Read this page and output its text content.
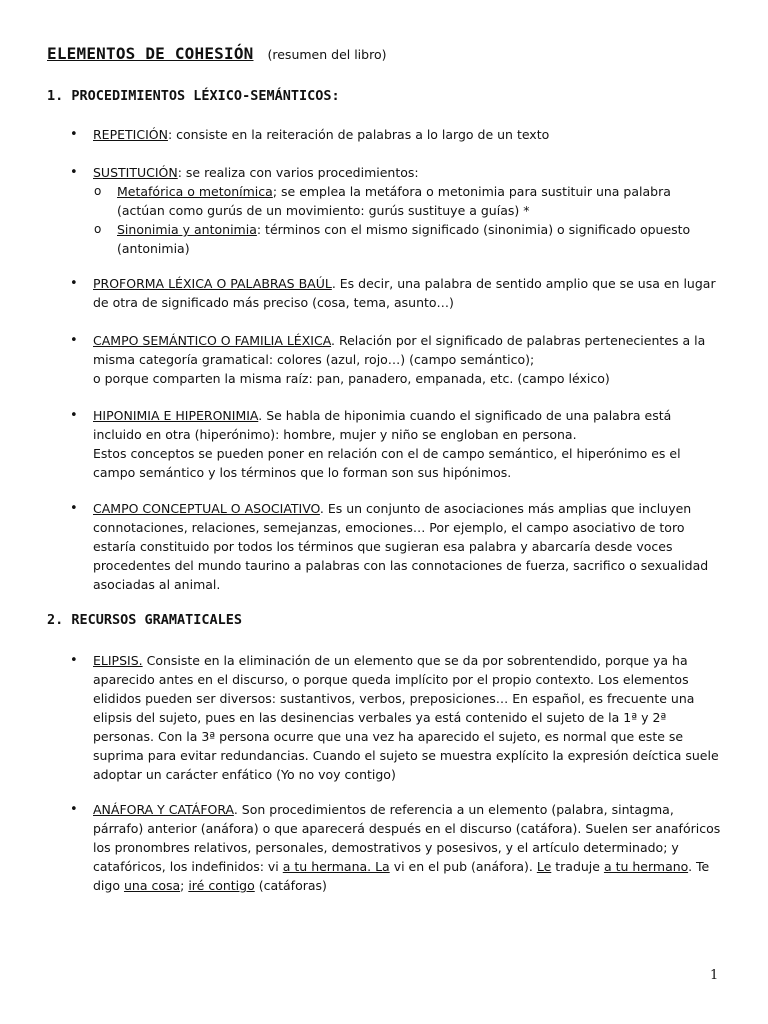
ELEMENTOS DE COHESIÓN (resumen del libro)
1. PROCEDIMIENTOS LÉXICO-SEMÁNTICOS:
• REPETICIÓN: consiste en la reiteración de palabras a lo largo de un texto
• SUSTITUCIÓN: se realiza con varios procedimientos:
o Metafórica o metonímica; se emplea la metáfora o metonimia para sustituir una palabra (actúan como gurús de un movimiento: gurús sustituye a guías) *
o Sinonimia y antonimia: términos con el mismo significado (sinonimia) o significado opuesto (antonimia)
• PROFORMA LÉXICA O PALABRAS BAÚL. Es decir, una palabra de sentido amplio que se usa en lugar de otra de significado más preciso (cosa, tema, asunto…)
• CAMPO SEMÁNTICO O FAMILIA LÉXICA. Relación por el significado de palabras pertenecientes a la misma categoría gramatical: colores (azul, rojo…) (campo semántico);
o porque comparten la misma raíz: pan, panadero, empanada, etc. (campo léxico)
• HIPONIMIA E HIPERONIMIA. Se habla de hiponimia cuando el significado de una palabra está incluido en otra (hiperónimo): hombre, mujer y niño se engloban en persona.
Estos conceptos se pueden poner en relación con el de campo semántico, el hiperónimo es el campo semántico y los términos que lo forman son sus hipónimos.
• CAMPO CONCEPTUAL O ASOCIATIVO. Es un conjunto de asociaciones más amplias que incluyen connotaciones, relaciones, semejanzas, emociones… Por ejemplo, el campo asociativo de toro estaría constituido por todos los términos que sugieran esa palabra y abarcaría desde voces procedentes del mundo taurino a palabras con las connotaciones de fuerza, sacrifico o sexualidad asociadas al animal.
2. RECURSOS GRAMATICALES
• ELIPSIS. Consiste en la eliminación de un elemento que se da por sobrentendido, porque ya ha aparecido antes en el discurso, o porque queda implícito por el propio contexto. Los elementos elididos pueden ser diversos: sustantivos, verbos, preposiciones… En español, es frecuente una elipsis del sujeto, pues en las desinencias verbales ya está contenido el sujeto de la 1ª y 2ª personas. Con la 3ª persona ocurre que una vez ha aparecido el sujeto, es normal que este se suprima para evitar redundancias. Cuando el sujeto se muestra explícito la expresión deíctica suele adoptar un carácter enfático (Yo no voy contigo)
• ANÁFORA Y CATÁFORA. Son procedimientos de referencia a un elemento (palabra, sintagma, párrafo) anterior (anáfora) o que aparecerá después en el discurso (catáfora). Suelen ser anafóricos los pronombres relativos, personales, demostrativos y posesivos, y el artículo determinado; y catafóricos, los indefinidos: vi a tu hermana. La vi en el pub (anáfora). Le traduje a tu hermano. Te digo una cosa; iré contigo (catáforas)
1
